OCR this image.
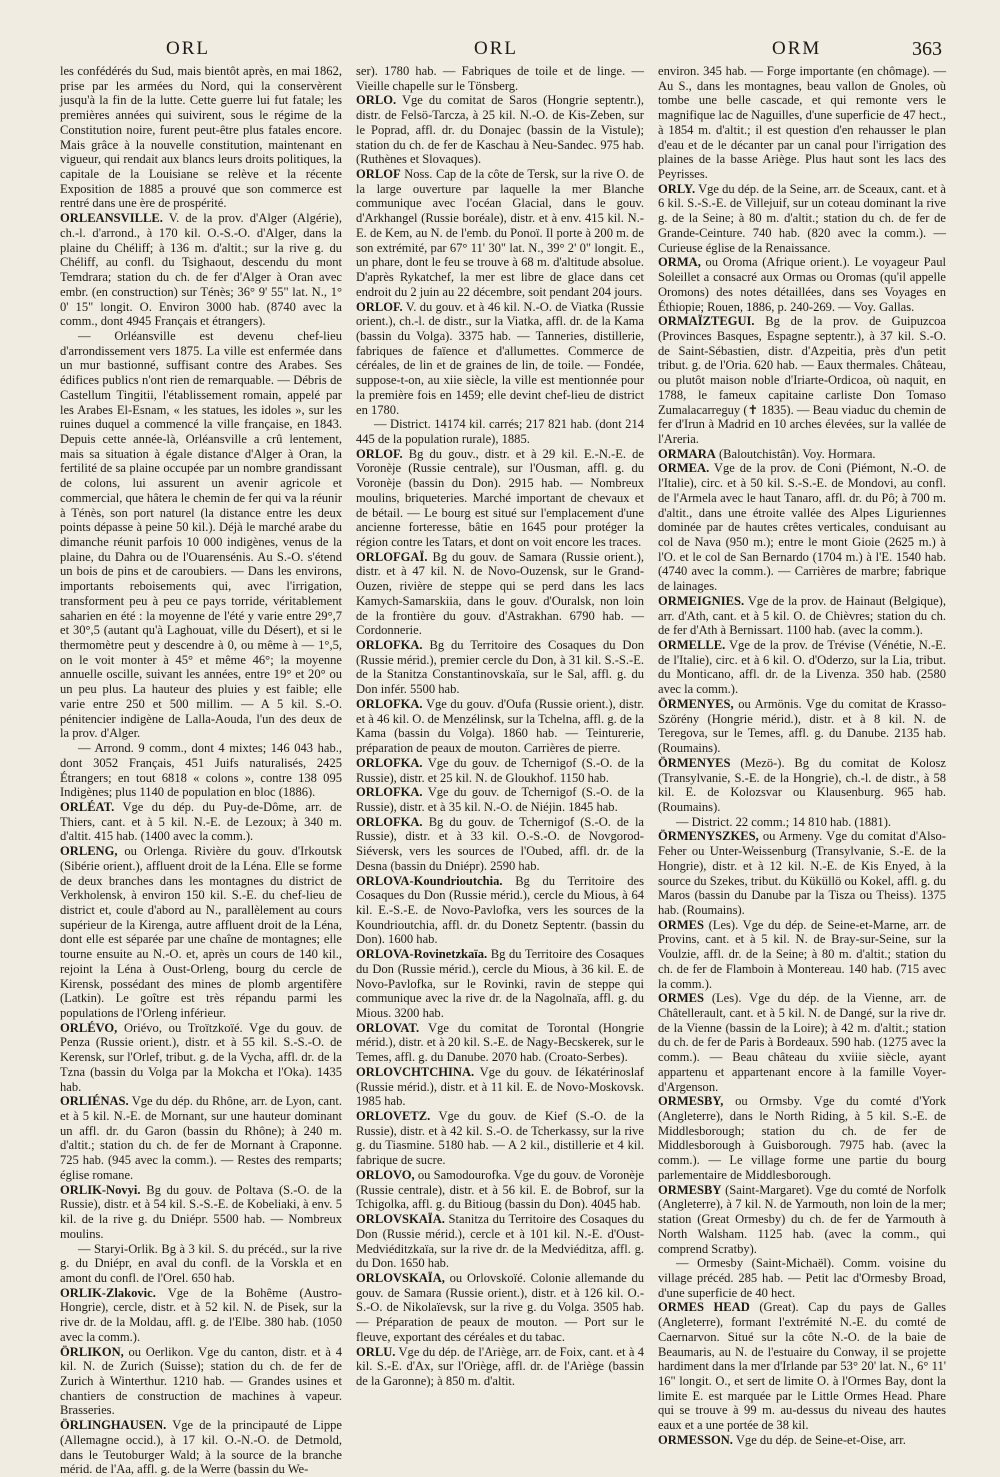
ORL	ORL	ORM	363

les confédérés du Sud, mais bientôt après, en mai 1862, prise par les armées du Nord, qui la conservèrent jusqu'à la fin de la lutte. Cette guerre lui fut fatale; les premières années qui suivirent, sous le régime de la Constitution noire, furent peut-être plus fatales encore. Mais grâce à la nouvelle constitution, maintenant en vigueur, qui rendait aux blancs leurs droits politiques, la capitale de la Louisiane se relève et la récente Exposition de 1885 a prouvé que son commerce est rentré dans une ère de prospérité.

ORLEANSVILLE. V. de la prov. d'Alger (Algérie), ch.-l. d'arrond., à 170 kil. O.-S.-O. d'Alger, dans la plaine du Chéliff; à 136 m. d'altit.; sur la rive g. du Chéliff, au confl. du Tsighaout, descendu du mont Temdrara; station du ch. de fer d'Alger à Oran avec embr. (en construction) sur Ténès; 36° 9' 55" lat. N., 1° 0' 15" longit. O. Environ 3000 hab. (8740 avec la comm., dont 4945 Français et étrangers).

— Orléansville est devenu chef-lieu d'arrondissement vers 1875. La ville est enfermée dans un mur bastionné, suffisant contre des Arabes. Ses édifices publics n'ont rien de remarquable. — Débris de Castellum Tingitii, l'établissement romain, appelé par les Arabes El-Esnam, « les statues, les idoles », sur les ruines duquel a commencé la ville française, en 1843. Depuis cette année-là, Orléansville a crû lentement, mais sa situation à égale distance d'Alger à Oran, la fertilité de sa plaine occupée par un nombre grandissant de colons, lui assurent un avenir agricole et commercial, que hâtera le chemin de fer qui va la réunir à Ténès, son port naturel (la distance entre les deux points dépasse à peine 50 kil.). Déjà le marché arabe du dimanche réunit parfois 10 000 indigènes, venus de la plaine, du Dahra ou de l'Ouarensénis. Au S.-O. s'étend un bois de pins et de caroubiers. — Dans les environs, importants reboisements qui, avec l'irrigation, transforment peu à peu ce pays torride, véritablement saharien en été : la moyenne de l'été y varie entre 29°,7 et 30°,5 (autant qu'à Laghouat, ville du Désert), et si le thermomètre peut y descendre à 0, ou même à — 1°,5, on le voit monter à 45° et même 46°; la moyenne annuelle oscille, suivant les années, entre 19° et 20° ou un peu plus. La hauteur des pluies y est faible; elle varie entre 250 et 500 millim. — A 5 kil. S.-O. pénitencier indigène de Lalla-Aouda, l'un des deux de la prov. d'Alger.

— Arrond. 9 comm., dont 4 mixtes; 146 043 hab., dont 3052 Français, 451 Juifs naturalisés, 2425 Étrangers; en tout 6818 « colons », contre 138 095 Indigènes; plus 1140 de population en bloc (1886).

ORLÉAT. Vge du dép. du Puy-de-Dôme, arr. de Thiers, cant. et à 5 kil. N.-E. de Lezoux; à 340 m. d'altit. 415 hab. (1400 avec la comm.).

ORLENG, ou Orlenga. Rivière du gouv. d'Irkoutsk (Sibérie orient.), affluent droit de la Léna. Elle se forme de deux branches dans les montagnes du district de Verkholensk, à environ 150 kil. S.-E. du chef-lieu de district et, coule d'abord au N., parallèlement au cours supérieur de la Kirenga, autre affluent droit de la Léna, dont elle est séparée par une chaîne de montagnes; elle tourne ensuite au N.-O. et, après un cours de 140 kil., rejoint la Léna à Oust-Orleng, bourg du cercle de Kirensk, possédant des mines de plomb argentifère (Latkin). Le goître est très répandu parmi les populations de l'Orleng inférieur.

ORLÉVO, Oriévo, ou Troïtzkoïé. Vge du gouv. de Penza (Russie orient.), distr. et à 55 kil. S.-S.-O. de Kerensk, sur l'Orlef, tribut. g. de la Vycha, affl. dr. de la Tzna (bassin du Volga par la Mokcha et l'Oka). 1435 hab.

ORLIÉNAS. Vge du dép. du Rhône, arr. de Lyon, cant. et à 5 kil. N.-E. de Mornant, sur une hauteur dominant un affl. dr. du Garon (bassin du Rhône); à 240 m. d'altit.; station du ch. de fer de Mornant à Craponne. 725 hab. (945 avec la comm.). — Restes des remparts; église romane.

ORLIK-Novyi. Bg du gouv. de Poltava (S.-O. de la Russie), distr. et à 54 kil. S.-S.-E. de Kobeliaki, à env. 5 kil. de la rive g. du Dniépr. 5500 hab. — Nombreux moulins.

— Staryi-Orlik. Bg à 3 kil. S. du précéd., sur la rive g. du Dniépr, en aval du confl. de la Vorskla et en amont du confl. de l'Orel. 650 hab.

ORLIK-Zlakovic. Vge de la Bohême (Austro-Hongrie), cercle, distr. et à 52 kil. N. de Pisek, sur la rive dr. de la Moldau, affl. g. de l'Elbe. 380 hab. (1050 avec la comm.).

ÖRLIKON, ou Oerlikon. Vge du canton, distr. et à 4 kil. N. de Zurich (Suisse); station du ch. de fer de Zurich à Winterthur. 1210 hab. — Grandes usines et chantiers de construction de machines à vapeur. Brasseries.

ÖRLINGHAUSEN. Vge de la principauté de Lippe (Allemagne occid.), à 17 kil. O.-N.-O. de Detmold, dans le Teutoburger Wald; à la source de la branche mérid. de l'Aa, affl. g. de la Werre (bassin du We-

ser). 1780 hab. — Fabriques de toile et de linge. — Vieille chapelle sur le Tönsberg.

ORLO. Vge du comitat de Saros (Hongrie septentr.), distr. de Felsö-Tarcza, à 25 kil. N.-O. de Kis-Zeben, sur le Poprad, affl. dr. du Donajec (bassin de la Vistule); station du ch. de fer de Kaschau à Neu-Sandec. 975 hab. (Ruthènes et Slovaques).

ORLOF Noss. Cap de la côte de Tersk, sur la rive O. de la large ouverture par laquelle la mer Blanche communique avec l'océan Glacial, dans le gouv. d'Arkhangel (Russie boréale), distr. et à env. 415 kil. N.-E. de Kem, au N. de l'emb. du Ponoï. Il porte à 200 m. de son extrémité, par 67° 11' 30" lat. N., 39° 2' 0" longit. E., un phare, dont le feu se trouve à 68 m. d'altitude absolue. D'après Rykatchef, la mer est libre de glace dans cet endroit du 2 juin au 22 décembre, soit pendant 204 jours.

ORLOF. V. du gouv. et à 46 kil. N.-O. de Viatka (Russie orient.), ch.-l. de distr., sur la Viatka, affl. dr. de la Kama (bassin du Volga). 3375 hab. — Tanneries, distillerie, fabriques de faïence et d'allumettes. Commerce de céréales, de lin et de graines de lin, de toile. — Fondée, suppose-t-on, au xiie siècle, la ville est mentionnée pour la première fois en 1459; elle devint chef-lieu de district en 1780.

— District. 14174 kil. carrés; 217 821 hab. (dont 214 445 de la population rurale), 1885.

ORLOF. Bg du gouv., distr. et à 29 kil. E.-N.-E. de Voronèje (Russie centrale), sur l'Ousman, affl. g. du Voronèje (bassin du Don). 2915 hab. — Nombreux moulins, briqueteries. Marché important de chevaux et de bétail. — Le bourg est situé sur l'emplacement d'une ancienne forteresse, bâtie en 1645 pour protéger la région contre les Tatars, et dont on voit encore les traces.

ORLOFGAÏ. Bg du gouv. de Samara (Russie orient.), distr. et à 47 kil. N. de Novo-Ouzensk, sur le Grand-Ouzen, rivière de steppe qui se perd dans les lacs Kamych-Samarskiia, dans le gouv. d'Ouralsk, non loin de la frontière du gouv. d'Astrakhan. 6790 hab. — Cordonnerie.

ORLOFKA. Bg du Territoire des Cosaques du Don (Russie mérid.), premier cercle du Don, à 31 kil. S.-S.-E. de la Stanitza Constantinovskaïa, sur le Sal, affl. g. du Don infér. 5500 hab.

ORLOFKA. Vge du gouv. d'Oufa (Russie orient.), distr. et à 46 kil. O. de Menzélinsk, sur la Tchelna, affl. g. de la Kama (bassin du Volga). 1860 hab. — Teinturerie, préparation de peaux de mouton. Carrières de pierre.

ORLOFKA. Vge du gouv. de Tchernigof (S.-O. de la Russie), distr. et 25 kil. N. de Gloukhof. 1150 hab.

ORLOFKA. Vge du gouv. de Tchernigof (S.-O. de la Russie), distr. et à 35 kil. N.-O. de Niéjin. 1845 hab.

ORLOFKA. Bg du gouv. de Tchernigof (S.-O. de la Russie), distr. et à 33 kil. O.-S.-O. de Novgorod-Siéversk, vers les sources de l'Oubed, affl. dr. de la Desna (bassin du Dniépr). 2590 hab.

ORLOVA-Koundrioutchia. Bg du Territoire des Cosaques du Don (Russie mérid.), cercle du Mious, à 64 kil. E.-S.-E. de Novo-Pavlofka, vers les sources de la Koundrioutchia, affl. dr. du Donetz Septentr. (bassin du Don). 1600 hab.

ORLOVA-Rovinetzkaïa. Bg du Territoire des Cosaques du Don (Russie mérid.), cercle du Mious, à 36 kil. E. de Novo-Pavlofka, sur le Rovinki, ravin de steppe qui communique avec la rive dr. de la Nagolnaïa, affl. g. du Mious. 3200 hab.

ORLOVAT. Vge du comitat de Torontal (Hongrie mérid.), distr. et à 20 kil. S.-E. de Nagy-Becskerek, sur le Temes, affl. g. du Danube. 2070 hab. (Croato-Serbes).

ORLOVCHTCHINA. Vge du gouv. de Iékatérinoslaf (Russie mérid.), distr. et à 11 kil. E. de Novo-Moskovsk. 1985 hab.

ORLOVETZ. Vge du gouv. de Kief (S.-O. de la Russie), distr. et à 42 kil. S.-O. de Tcherkassy, sur la rive g. du Tiasmine. 5180 hab. — A 2 kil., distillerie et 4 kil. fabrique de sucre.

ORLOVO, ou Samodourofka. Vge du gouv. de Voronèje (Russie centrale), distr. et à 56 kil. E. de Bobrof, sur la Tchigolka, affl. g. du Bitioug (bassin du Don). 4045 hab.

ORLOVSKAÏA. Stanitza du Territoire des Cosaques du Don (Russie mérid.), cercle et à 101 kil. N.-E. d'Oust-Medviéditzkaïa, sur la rive dr. de la Medviéditza, affl. g. du Don. 1650 hab.

ORLOVSKAÏA, ou Orlovskoïé. Colonie allemande du gouv. de Samara (Russie orient.), distr. et à 126 kil. O.-S.-O. de Nikolaïevsk, sur la rive g. du Volga. 3505 hab. — Préparation de peaux de mouton. — Port sur le fleuve, exportant des céréales et du tabac.

ORLU. Vge du dép. de l'Ariège, arr. de Foix, cant. et à 4 kil. S.-E. d'Ax, sur l'Oriège, affl. dr. de l'Ariège (bassin de la Garonne); à 850 m. d'altit.

environ. 345 hab. — Forge importante (en chômage). — Au S., dans les montagnes, beau vallon de Gnoles, où tombe une belle cascade, et qui remonte vers le magnifique lac de Naguilles, d'une superficie de 47 hect., à 1854 m. d'altit.; il est question d'en rehausser le plan d'eau et de le décanter par un canal pour l'irrigation des plaines de la basse Ariège. Plus haut sont les lacs des Peyrisses.

ORLY. Vge du dép. de la Seine, arr. de Sceaux, cant. et à 6 kil. S.-S.-E. de Villejuif, sur un coteau dominant la rive g. de la Seine; à 80 m. d'altit.; station du ch. de fer de Grande-Ceinture. 740 hab. (820 avec la comm.). — Curieuse église de la Renaissance.

ORMA, ou Oroma (Afrique orient.). Le voyageur Paul Soleillet a consacré aux Ormas ou Oromas (qu'il appelle Oromons) des notes détaillées, dans ses Voyages en Éthiopie; Rouen, 1886, p. 240-269. — Voy. Gallas.

ORMAÏZTEGUI. Bg de la prov. de Guipuzcoa (Provinces Basques, Espagne septentr.), à 37 kil. S.-O. de Saint-Sébastien, distr. d'Azpeitia, près d'un petit tribut. g. de l'Oria. 620 hab. — Eaux thermales. Château, ou plutôt maison noble d'Iriarte-Ordicoa, où naquit, en 1788, le fameux capitaine carliste Don Tomaso Zumalacarreguy (✝ 1835). — Beau viaduc du chemin de fer d'Irun à Madrid en 10 arches élevées, sur la vallée de l'Areria.

ORMARA (Baloutchistân). Voy. Hormara.

ORMEA. Vge de la prov. de Coni (Piémont, N.-O. de l'Italie), circ. et à 50 kil. S.-S.-E. de Mondovi, au confl. de l'Armela avec le haut Tanaro, affl. dr. du Pô; à 700 m. d'altit., dans une étroite vallée des Alpes Liguriennes dominée par de hautes crêtes verticales, conduisant au col de Nava (950 m.); entre le mont Gioie (2625 m.) à l'O. et le col de San Bernardo (1704 m.) à l'E. 1540 hab. (4740 avec la comm.). — Carrières de marbre; fabrique de lainages.

ORMEIGNIES. Vge de la prov. de Hainaut (Belgique), arr. d'Ath, cant. et à 5 kil. O. de Chièvres; station du ch. de fer d'Ath à Bernissart. 1100 hab. (avec la comm.).

ORMELLE. Vge de la prov. de Trévise (Vénétie, N.-E. de l'Italie), circ. et à 6 kil. O. d'Oderzo, sur la Lia, tribut. du Monticano, affl. dr. de la Livenza. 350 hab. (2580 avec la comm.).

ÖRMENYES, ou Armönis. Vge du comitat de Krasso-Szörény (Hongrie mérid.), distr. et à 8 kil. N. de Teregova, sur le Temes, affl. g. du Danube. 2135 hab. (Roumains).

ÖRMENYES (Mezö-). Bg du comitat de Kolosz (Transylvanie, S.-E. de la Hongrie), ch.-l. de distr., à 58 kil. E. de Kolozsvar ou Klausenburg. 965 hab. (Roumains).

— District. 22 comm.; 14 810 hab. (1881).

ÖRMENYSZKES, ou Armeny. Vge du comitat d'Also-Feher ou Unter-Weissenburg (Transylvanie, S.-E. de la Hongrie), distr. et à 12 kil. N.-E. de Kis Enyed, à la source du Szekes, tribut. du Küküllö ou Kokel, affl. g. du Maros (bassin du Danube par la Tisza ou Theiss). 1375 hab. (Roumains).

ORMES (Les). Vge du dép. de Seine-et-Marne, arr. de Provins, cant. et à 5 kil. N. de Bray-sur-Seine, sur la Voulzie, affl. dr. de la Seine; à 80 m. d'altit.; station du ch. de fer de Flamboin à Montereau. 140 hab. (715 avec la comm.).

ORMES (Les). Vge du dép. de la Vienne, arr. de Châtellerault, cant. et à 5 kil. N. de Dangé, sur la rive dr. de la Vienne (bassin de la Loire); à 42 m. d'altit.; station du ch. de fer de Paris à Bordeaux. 590 hab. (1275 avec la comm.). — Beau château du xviiie siècle, ayant appartenu et appartenant encore à la famille Voyer-d'Argenson.

ORMESBY, ou Ormsby. Vge du comté d'York (Angleterre), dans le North Riding, à 5 kil. S.-E. de Middlesborough; station du ch. de fer de Middlesborough à Guisborough. 7975 hab. (avec la comm.). — Le village forme une partie du bourg parlementaire de Middlesborough.

ORMESBY (Saint-Margaret). Vge du comté de Norfolk (Angleterre), à 7 kil. N. de Yarmouth, non loin de la mer; station (Great Ormesby) du ch. de fer de Yarmouth à North Walsham. 1125 hab. (avec la comm., qui comprend Scratby).

— Ormesby (Saint-Michaël). Comm. voisine du village précéd. 285 hab. — Petit lac d'Ormesby Broad, d'une superficie de 40 hect.

ORMES HEAD (Great). Cap du pays de Galles (Angleterre), formant l'extrémité N.-E. du comté de Caernarvon. Situé sur la côte N.-O. de la baie de Beaumaris, au N. de l'estuaire du Conway, il se projette hardiment dans la mer d'Irlande par 53° 20' lat. N., 6° 11' 16" longit. O., et sert de limite O. à l'Ormes Bay, dont la limite E. est marquée par le Little Ormes Head. Phare qui se trouve à 99 m. au-dessus du niveau des hautes eaux et a une portée de 38 kil.

ORMESSON. Vge du dép. de Seine-et-Oise, arr.
